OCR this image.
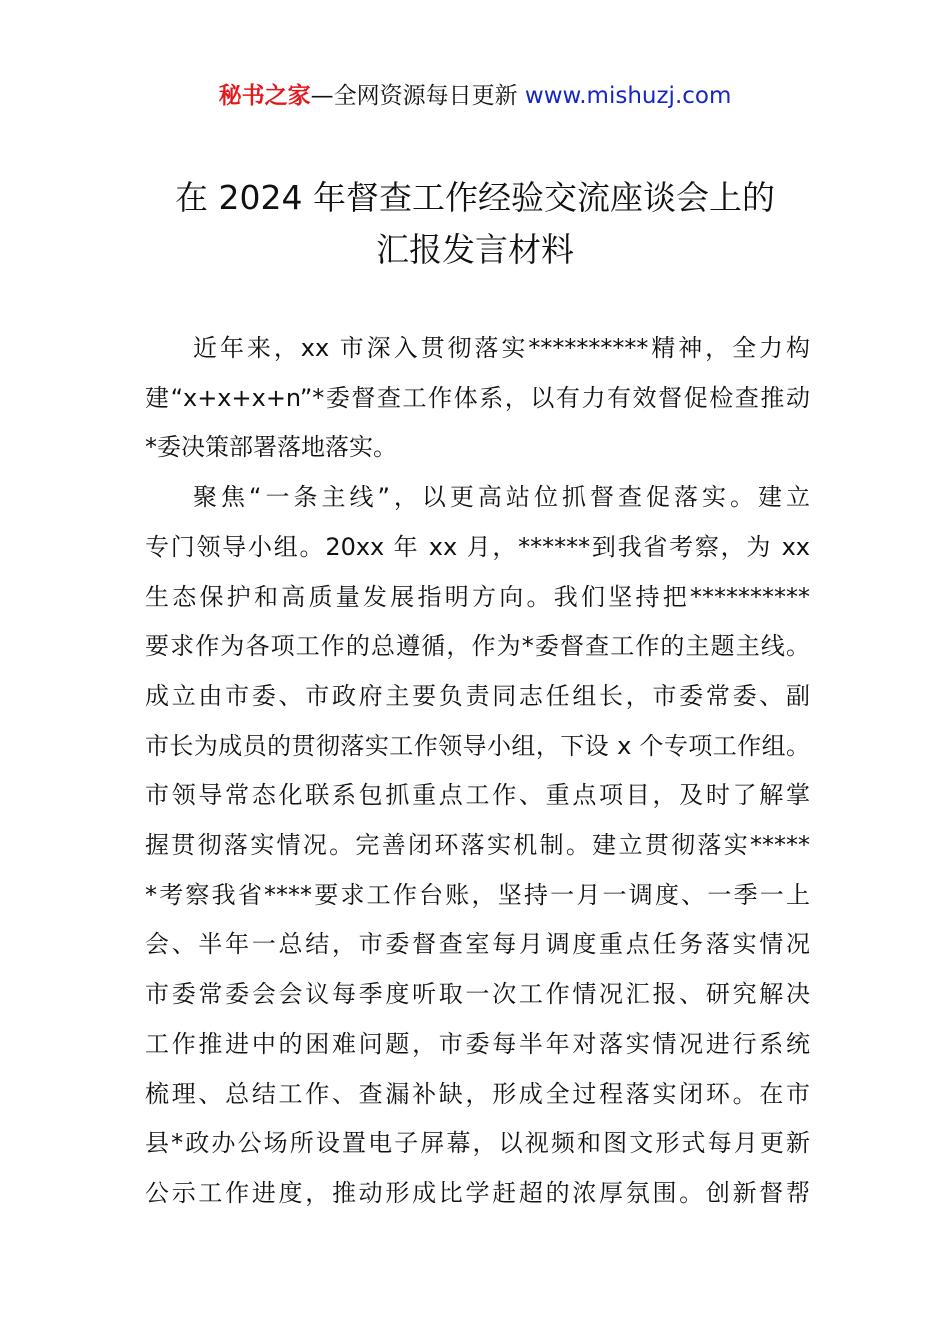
秘书之家—全网资源每日更新 www.mishuzj.com
在 2024 年督查工作经验交流座谈会上的
汇报发言材料
近年来，xx 市深入贯彻落实**********精神，全力构
建“x+x+x+n”*委督查工作体系，以有力有效督促检查推动
*委决策部署落地落实。
聚焦“一条主线”，以更高站位抓督查促落实。建立
专门领导小组。20xx 年 xx 月，******到我省考察，为 xx
生态保护和高质量发展指明方向。我们坚持把**********
要求作为各项工作的总遵循，作为*委督查工作的主题主线。
成立由市委、市政府主要负责同志任组长，市委常委、副
市长为成员的贯彻落实工作领导小组，下设 x 个专项工作组。
市领导常态化联系包抓重点工作、重点项目，及时了解掌
握贯彻落实情况。完善闭环落实机制。建立贯彻落实*****
*考察我省****要求工作台账，坚持一月一调度、一季一上
会、半年一总结，市委督查室每月调度重点任务落实情况
市委常委会会议每季度听取一次工作情况汇报、研究解决
工作推进中的困难问题，市委每半年对落实情况进行系统
梳理、总结工作、查漏补缺，形成全过程落实闭环。在市
县*政办公场所设置电子屏幕，以视频和图文形式每月更新
公示工作进度，推动形成比学赶超的浓厚氛围。创新督帮
